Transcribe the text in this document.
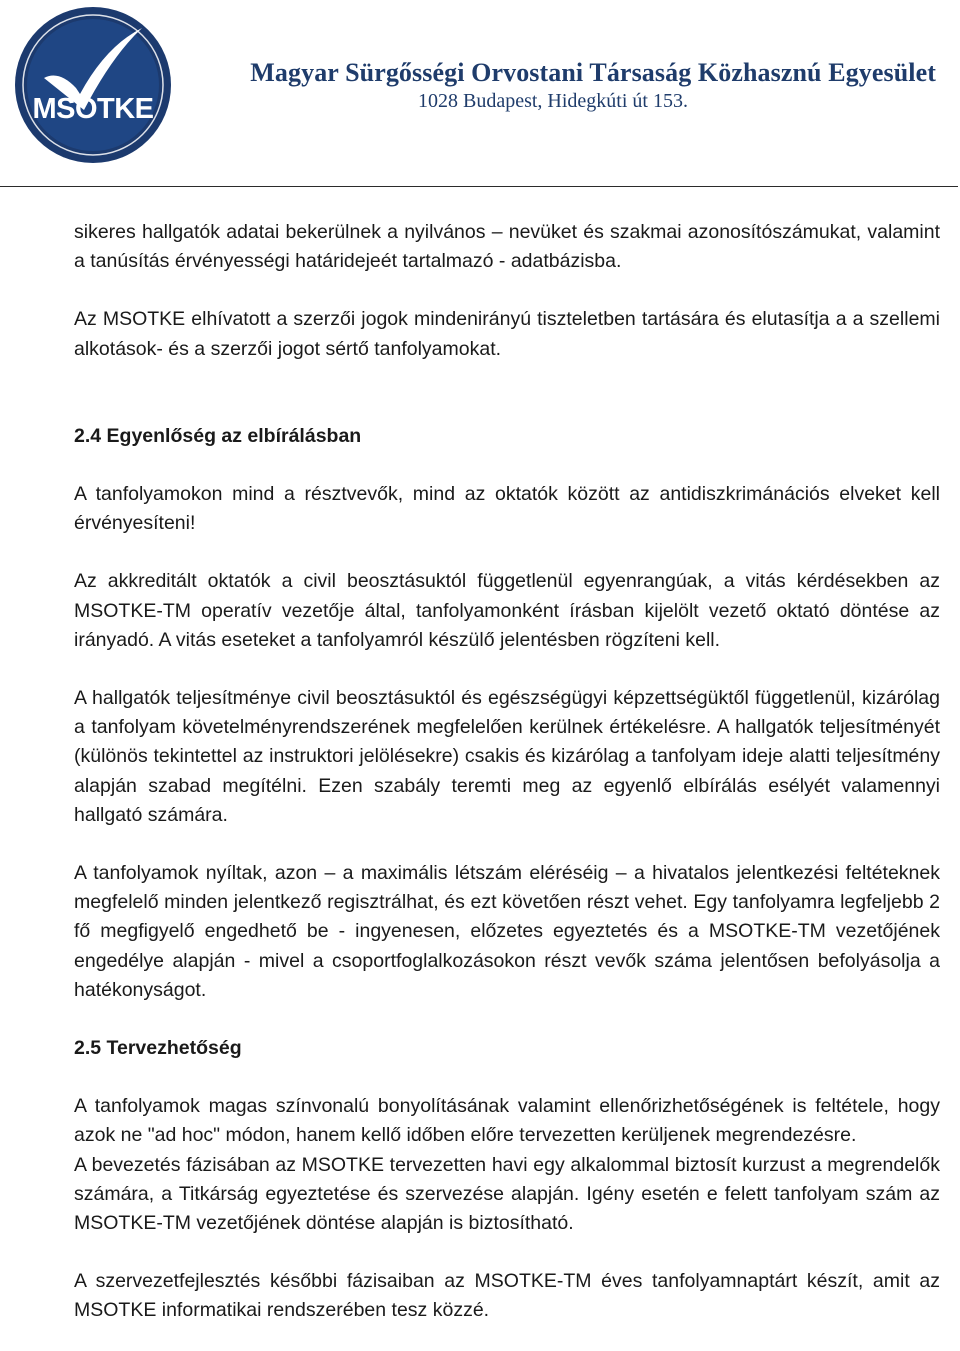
MSOTKE
Magyar Sürgősségi Orvostani Társaság Közhasznú Egyesület
1028 Budapest, Hidegkúti út 153.

sikeres hallgatók adatai bekerülnek a nyilvános – nevüket és szakmai azonosítószámukat, valamint a tanúsítás érvényességi határidejeét tartalmazó - adatbázisba.

Az MSOTKE elhívatott a szerzői jogok mindenirányú tiszteletben tartására és elutasítja a a szellemi alkotások- és a szerzői jogot sértő tanfolyamokat.

2.4 Egyenlőség az elbírálásban

A tanfolyamokon mind a résztvevők, mind az oktatók között az antidiszkrimánációs elveket kell érvényesíteni!

Az akkreditált oktatók a civil beosztásuktól függetlenül egyenrangúak, a vitás kérdésekben az MSOTKE-TM operatív vezetője által, tanfolyamonként írásban kijelölt vezető oktató döntése az irányadó. A vitás eseteket a tanfolyamról készülő jelentésben rögzíteni kell.

A hallgatók teljesítménye civil beosztásuktól és egészségügyi képzettségüktől függetlenül, kizárólag a tanfolyam követelményrendszerének megfelelően kerülnek értékelésre. A hallgatók teljesítményét (különös tekintettel az instruktori jelölésekre) csakis és kizárólag a tanfolyam ideje alatti teljesítmény alapján szabad megítélni. Ezen szabály teremti meg az egyenlő elbírálás esélyét valamennyi hallgató számára.

A tanfolyamok nyíltak, azon – a maximális létszám eléréséig – a hivatalos jelentkezési feltéteknek megfelelő minden jelentkező regisztrálhat, és ezt követően részt vehet. Egy tanfolyamra legfeljebb 2 fő megfigyelő engedhető be - ingyenesen, előzetes egyeztetés és a MSOTKE-TM vezetőjének engedélye alapján - mivel a csoportfoglalkozásokon részt vevők száma jelentősen befolyásolja a hatékonyságot.

2.5 Tervezhetőség

A tanfolyamok magas színvonalú bonyolításának valamint ellenőrizhetőségének is feltétele, hogy azok ne "ad hoc" módon, hanem kellő időben előre tervezetten kerüljenek megrendezésre.

A bevezetés fázisában az MSOTKE tervezetten havi egy alkalommal biztosít kurzust a megrendelők számára, a Titkárság egyeztetése és szervezése alapján. Igény esetén e felett tanfolyam szám az MSOTKE-TM vezetőjének döntése alapján is biztosítható.

A szervezetfejlesztés későbbi fázisaiban az MSOTKE-TM éves tanfolyamnaptárt készít, amit az MSOTKE informatikai rendszerében tesz közzé.
